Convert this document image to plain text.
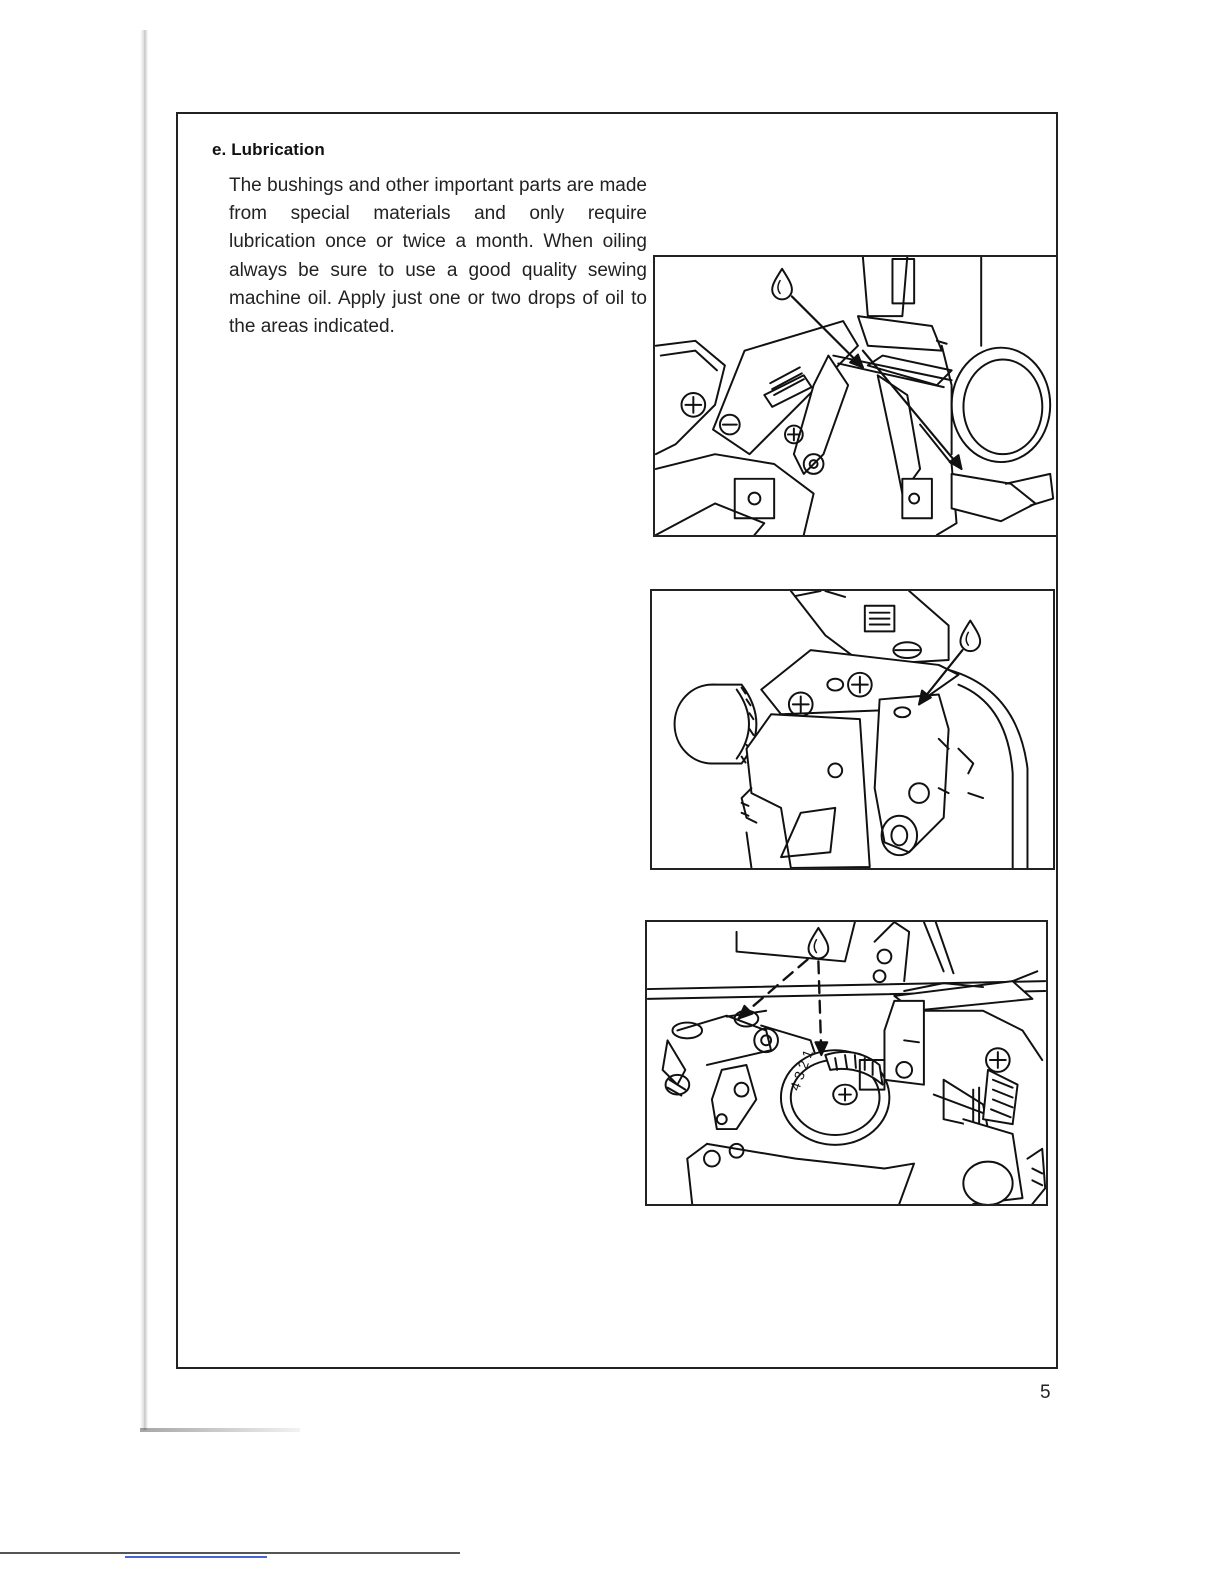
e. Lubrication

The bushings and other important parts are made from special materials and only require lubrication once or twice a month. When oiling always be sure to use a good quality sewing machine oil. Apply just one or two drops of oil to the areas indicated.

4 3 2 1
5
